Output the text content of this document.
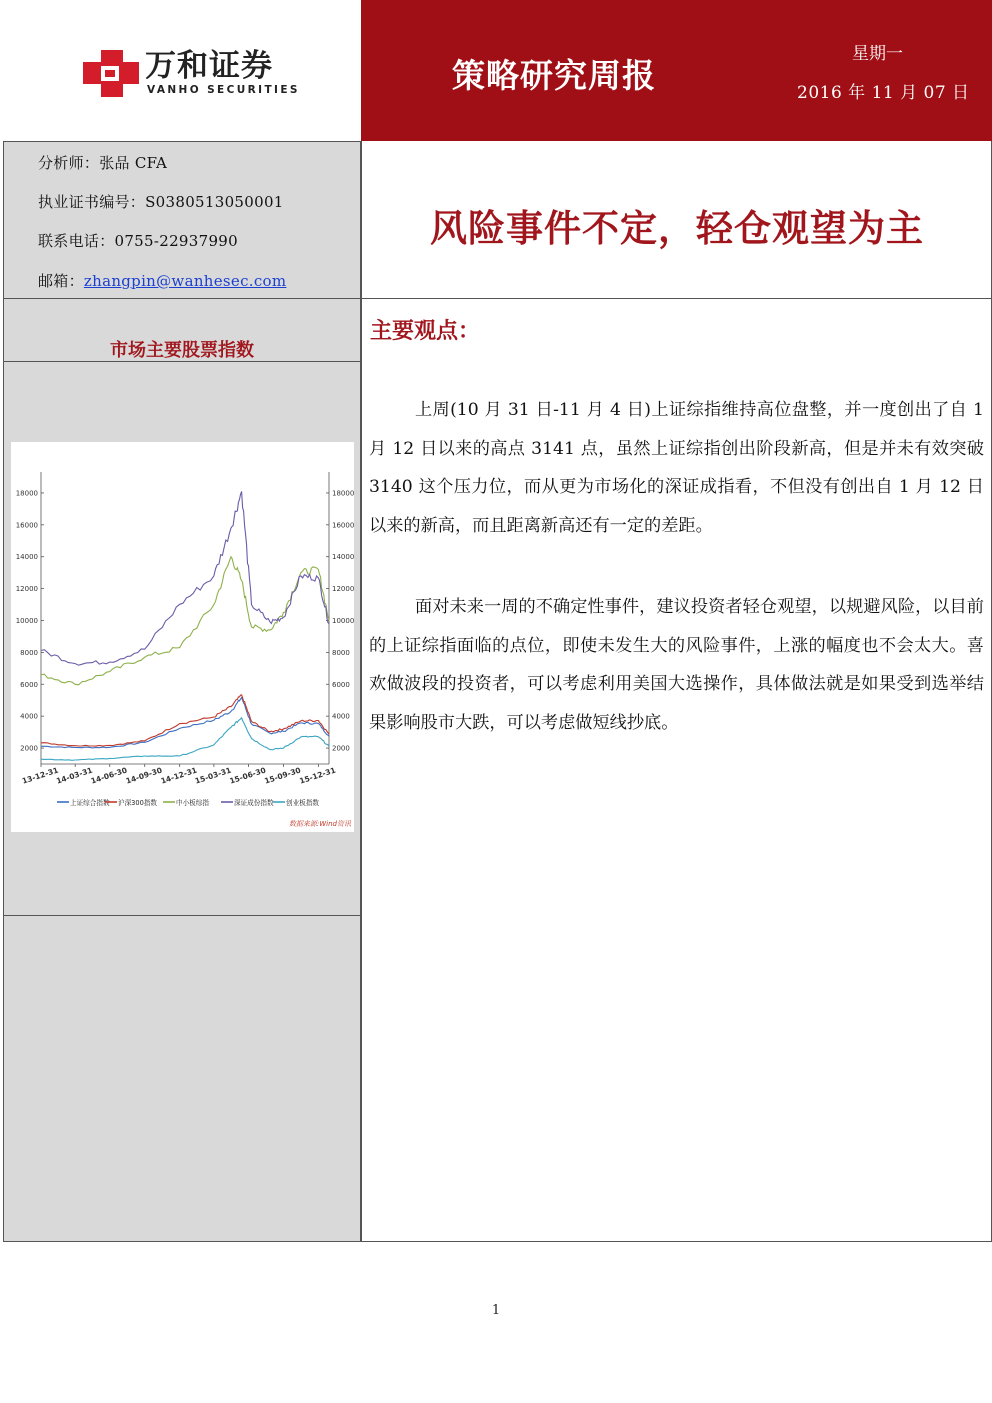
万和证券
VANHO SECURITIES	策略研究周报
星期一
2016 年 11 月 07 日
分析师：张品 CFA
执业证书编号：S0380513050001
联系电话：0755-22937990
邮箱：zhangpin@wanhesec.com
市场主要股票指数
2000	2000
4000	4000
6000	6000
8000	8000
10000	10000
12000	12000
14000	14000
16000	16000
18000	18000
13-12-31
14-03-31
14-06-30
14-09-30
14-12-31
15-03-31
15-06-30
15-09-30
15-12-31
上证综合指数 沪深300指数	中小板综指	深证成份指数 创业板指数
数据来源:Wind资讯
风险事件不定，轻仓观望为主
主要观点：
上周(10 月 31 日-11 月 4 日)上证综指维持高位盘整，并一度创出了自 1 月 12 日以来的高点 3141 点，虽然上证综指创出阶段新高，但是并未有效突破 3140 这个压力位，而从更为市场化的深证成指看，不但没有创出自 1 月 12 日以来的新高，而且距离新高还有一定的差距。
面对未来一周的不确定性事件，建议投资者轻仓观望，以规避风险，以目前的上证综指面临的点位，即使未发生大的风险事件，上涨的幅度也不会太大。喜欢做波段的投资者，可以考虑利用美国大选操作，具体做法就是如果受到选举结果影响股市大跌，可以考虑做短线抄底。
1
